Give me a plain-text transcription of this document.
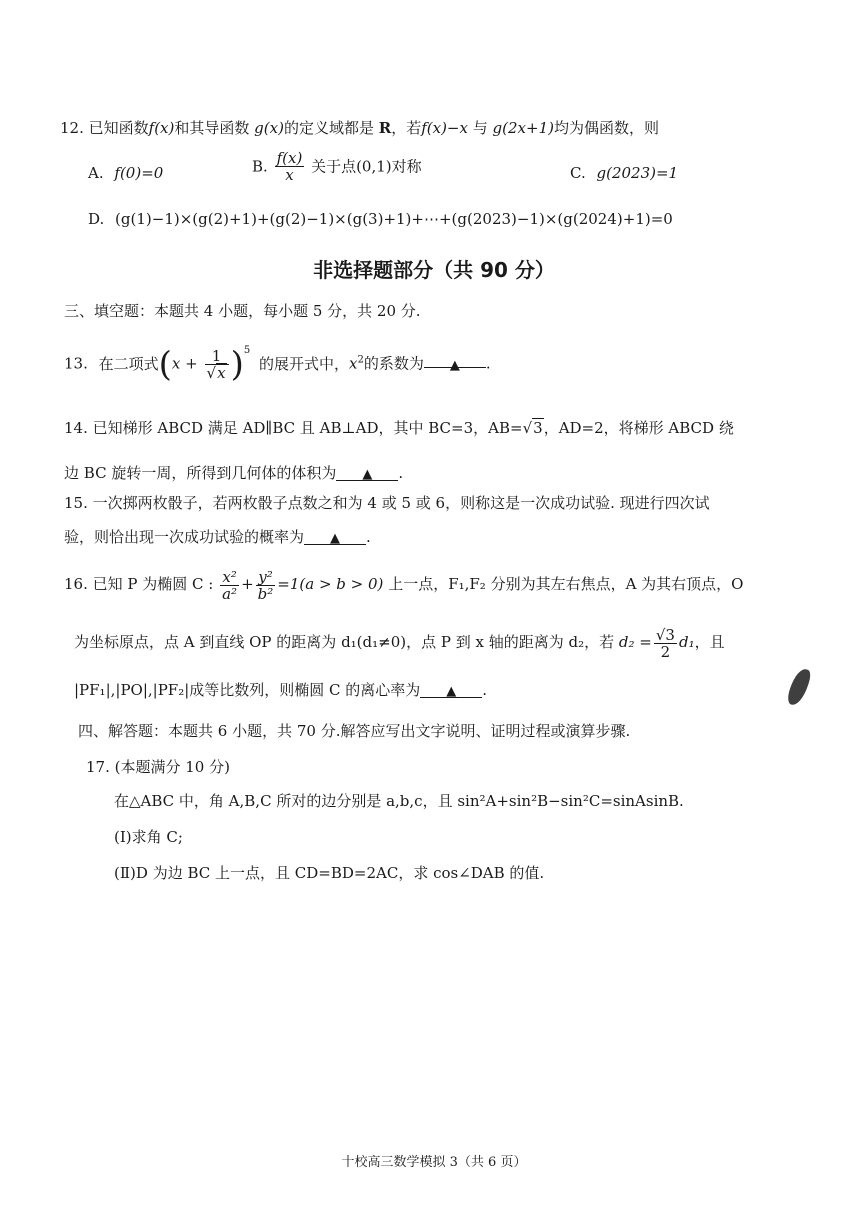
12. 已知函数f(x)和其导函数 g(x)的定义域都是 R，若f(x)−x 与 g(2x+1)均为偶函数，则
A. f(0)=0	B. $\frac{f(x)}{x}$ 关于点(0,1)对称	C. g(2023)=1
D. (g(1)−1)×(g(2)+1)+(g(2)−1)×(g(3)+1)+⋯+(g(2023)−1)×(g(2024)+1)=0
非选择题部分（共 90 分）
三、填空题：本题共 4 小题，每小题 5 分，共 20 分.
13. 在二项式$(x + \frac{1}{√x} )^5$ 的展开式中，$x^2$的系数为 ▲ .
14. 已知梯形 ABCD 满足 AD∥BC 且 AB⊥AD，其中 BC=3，AB=√3，AD=2，将梯形 ABCD 绕
边 BC 旋转一周，所得到几何体的体积为 ▲ .
15. 一次掷两枚骰子，若两枚骰子点数之和为 4 或 5 或 6，则称这是一次成功试验. 现进行四次试
验，则恰出现一次成功试验的概率为 ▲ .
16. 已知 P 为椭圆 C : $\frac{\text{x²}}{\text{a²}} + \frac{\text{y²}}{\text{b²}} =1(a > b > 0)$ 上一点，F₁,F₂ 分别为其左右焦点，A 为其右顶点，O
为坐标原点，点 A 到直线 OP 的距离为 d₁(d₁≠0)，点 P 到 x 轴的距离为 d₂，若 $d_2 = \frac{√3}{2} d_1$，且
|PF₁|,|PO|,|PF₂|成等比数列，则椭圆 C 的离心率为 ▲ .
四、解答题：本题共 6 小题，共 70 分.解答应写出文字说明、证明过程或演算步骤.
17. (本题满分 10 分)
在△ABC 中，角 A,B,C 所对的边分别是 a,b,c，且 sin²A+sin²B−sin²C=sinAsinB.
(Ⅰ)求角 C;
(Ⅱ)D 为边 BC 上一点，且 CD=BD=2AC，求 cos∠DAB 的值.
十校高三数学模拟 3（共 6 页）
